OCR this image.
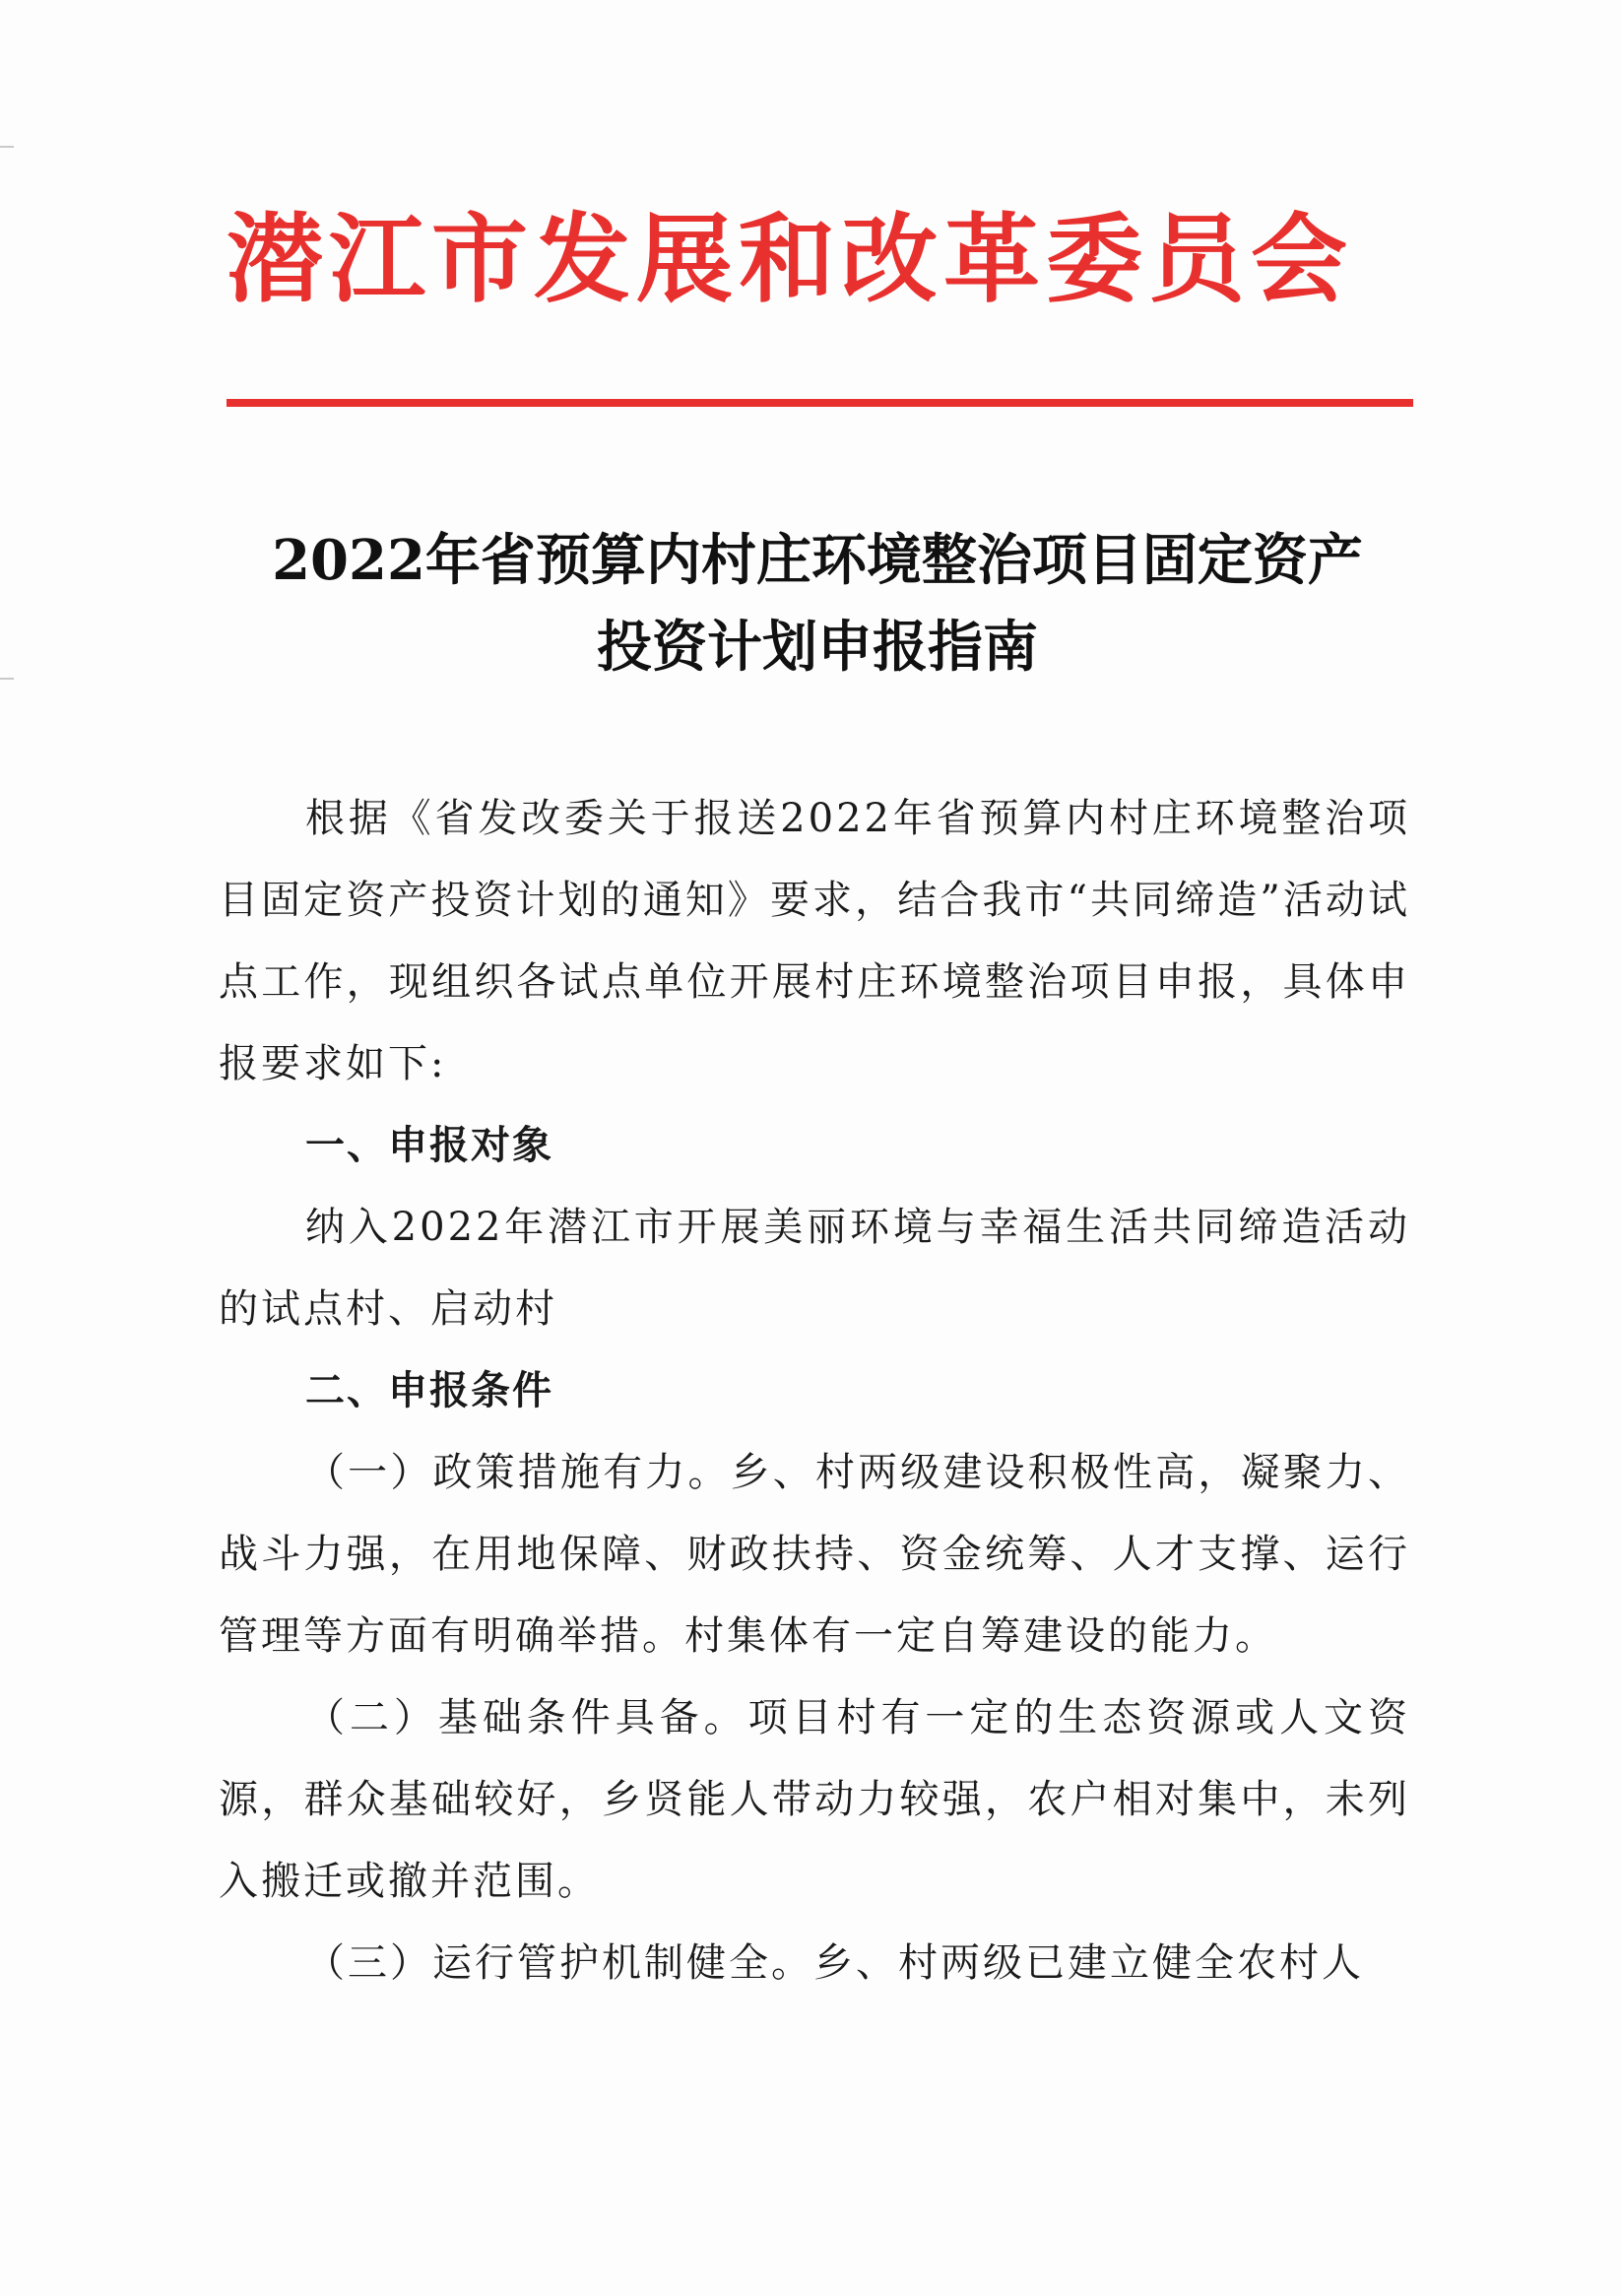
潜江市发展和改革委员会
2022年省预算内村庄环境整治项目固定资产
投资计划申报指南

根据《省发改委关于报送2022年省预算内村庄环境整治项目固定资产投资计划的通知》要求，结合我市“共同缔造”活动试点工作，现组织各试点单位开展村庄环境整治项目申报，具体申报要求如下:

一、申报对象

纳入2022年潜江市开展美丽环境与幸福生活共同缔造活动的试点村、启动村

二、申报条件

（一）政策措施有力。乡、村两级建设积极性高，凝聚力、战斗力强，在用地保障、财政扶持、资金统筹、人才支撑、运行管理等方面有明确举措。村集体有一定自筹建设的能力。

（二）基础条件具备。项目村有一定的生态资源或人文资源，群众基础较好，乡贤能人带动力较强，农户相对集中，未列入搬迁或撤并范围。

（三）运行管护机制健全。乡、村两级已建立健全农村人
